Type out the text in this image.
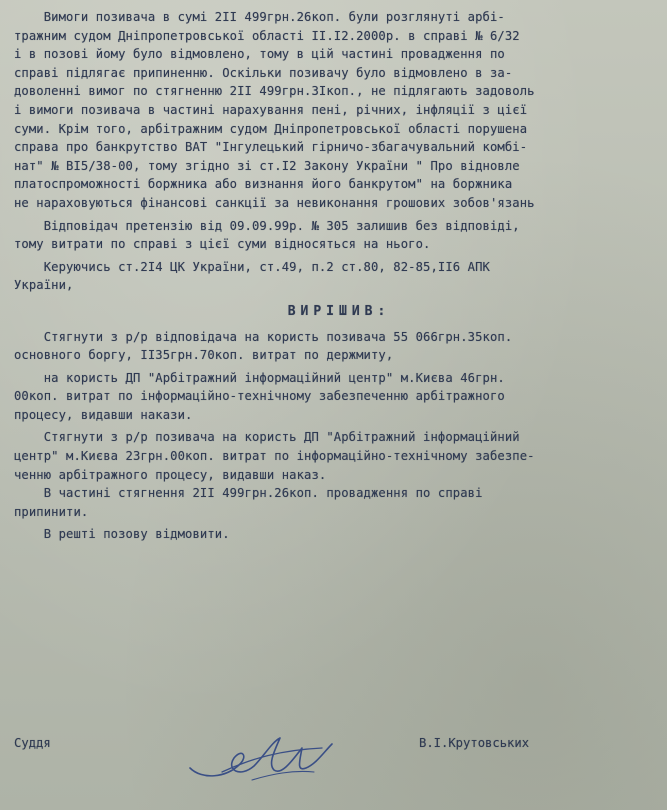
Вимоги позивача в сумі 2II 499грн.26коп. були розглянуті арбі-

тражним судом Дніпропетровської області II.I2.2000р. в справі № 6/32

і в позові йому було відмовлено, тому в цій частині провадження по

справі підлягає припиненню. Оскільки позивачу було відмовлено в за-

доволенні вимог по стягненню 2II 499грн.3Iкоп., не підлягають задоволь

і вимоги позивача в частині нарахування пені, річних, інфляції з цієї

суми. Крім того, арбітражним судом Дніпропетровської області порушена

справа про банкрутство ВАТ "Інгулецький гірничо-збагачувальний комбі-

нат" № BI5/38-00, тому згідно зі ст.I2 Закону України " Про відновле

платоспроможності боржника або визнання його банкрутом" на боржника

не нараховуються фінансові санкції за невиконання грошових зобов'язань

Відповідач претензію від 09.09.99р. № 305 залишив без відповіді,

тому витрати по справі з цієї суми відносяться на нього.

Керуючись ст.2I4 ЦК України, ст.49, п.2 ст.80, 82-85,II6 АПК

України,

ВИРІШИВ:

Стягнути з р/р відповідача на користь позивача 55 066грн.35коп.

основного боргу, II35грн.70коп. витрат по держмиту,

на користь ДП "Арбітражний інформаційний центр" м.Києва 46грн.

00коп. витрат по інформаційно-технічному забезпеченню арбітражного

процесу, видавши накази.

Стягнути з р/р позивача на користь ДП "Арбітражний інформаційний

центр" м.Києва 23грн.00коп. витрат по інформаційно-технічному забезпе-

ченню арбітражного процесу, видавши наказ.

В частині стягнення 2II 499грн.26коп. провадження по справі

припинити.

В решті позову відмовити.

Суддя	В.І.Крутовських
